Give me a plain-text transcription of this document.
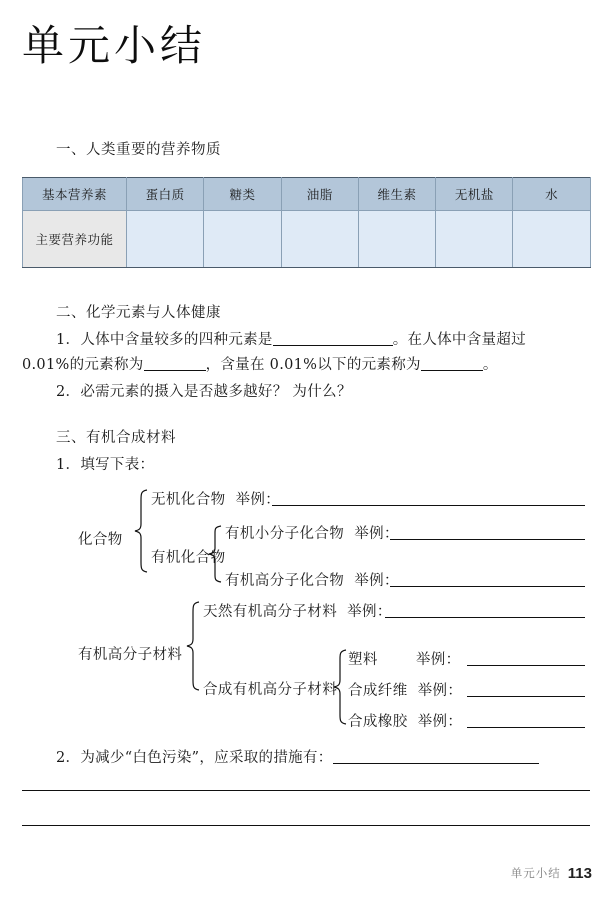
单元小结
一、人类重要的营养物质
基本营养素	蛋白质	糖类	油脂	维生素	无机盐	水
主要营养功能						
二、化学元素与人体健康
1．人体中含量较多的四种元素是	。在人体中含量超过
0.01%的元素称为	，含量在 0.01%以下的元素称为	。
2．必需元素的摄入是否越多越好？ 为什么？
三、有机合成材料
1．填写下表：
化合物
无机化合物 举例：
有机化合物
有机小分子化合物 举例：
有机高分子化合物 举例：
有机高分子材料
天然有机高分子材料 举例：
合成有机高分子材料
塑料	举例：
合成纤维 举例：
合成橡胶 举例：
2．为减少“白色污染”，应采取的措施有：
单元小结 113
